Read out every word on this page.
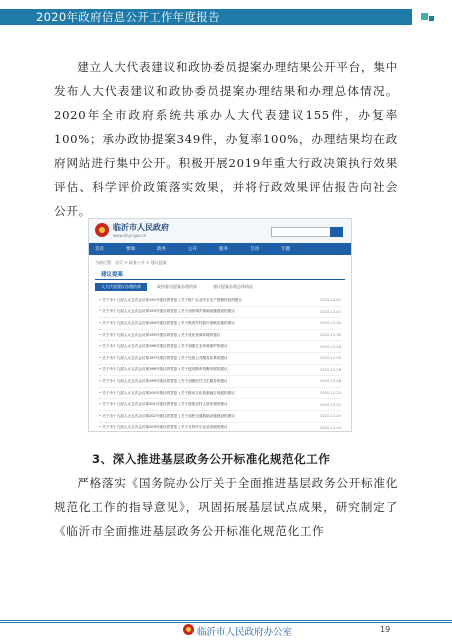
2020年政府信息公开工作年度报告

建立人大代表建议和政协委员提案办理结果公开平台，集中发布人大代表建议和政协委员提案办理结果和办理总体情况。2020年全市政府系统共承办人大代表建议155件，办复率100%；承办政协提案349件，办复率100%，办理结果均在政府网站进行集中公开。积极开展2019年重大行政决策执行效果评估、科学评价政策落实效果，并将行政效果评估报告向社会公开。

临沂市人民政府
www.linyi.gov.cn
首页	要闻	政务	公开	服务	互动	专题
当前位置：首页 > 政务公开 > 建议提案
建议提案
人大代表建议办理结果	政协委员提案办理结果	建议提案办理总体情况
• 关于市十九届人大五次会议第192号建议的答复 | 关于推广企业安全生产管理经验的建议	2020-12-01
• 关于市十九届人大五次会议第193号建议的答复 | 关于加快城乡基础设施建设的建议	2020-12-01
• 关于市十九届人大五次会议第194号建议的答复 | 关于推进乡村振兴战略实施的建议	2020-11-30
• 关于市十九届人大五次会议第195号建议的答复 | 关于优化营商环境的建议	2020-11-30
• 关于市十九届人大五次会议第196号建议的答复 | 关于加强生态环境保护的建议	2020-11-28
• 关于市十九届人大五次会议第197号建议的答复 | 关于完善公共服务体系的建议	2020-11-28
• 关于市十九届人大五次会议第198号建议的答复 | 关于促进教育均衡发展的建议	2020-11-26
• 关于市十九届人大五次会议第199号建议的答复 | 关于加强医疗卫生服务的建议	2020-11-26
• 关于市十九届人大五次会议第200号建议的答复 | 关于推动文化旅游融合发展的建议	2020-11-25
• 关于市十九届人大五次会议第201号建议的答复 | 关于改善农村人居环境的建议	2020-11-25
• 关于市十九届人大五次会议第202号建议的答复 | 关于加快交通基础设施建设的建议	2020-11-24
• 关于市十九届人大五次会议第203号建议的答复 | 关于支持中小企业发展的建议	2020-11-24
3、深入推进基层政务公开标准化规范化工作

严格落实《国务院办公厅关于全面推进基层政务公开标准化规范化工作的指导意见》，巩固拓展基层试点成果，研究制定了《临沂市全面推进基层政务公开标准化规范化工作

临沂市人民政府办公室	19
